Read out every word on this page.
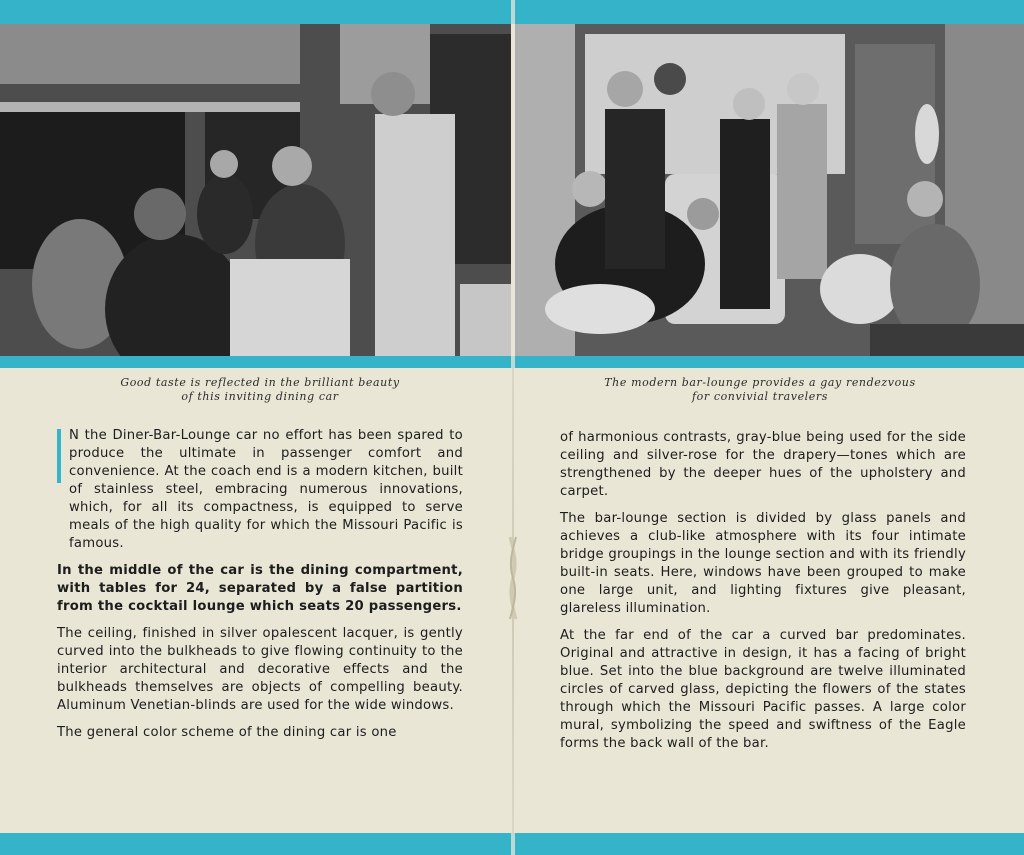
Good taste is reflected in the brilliant beauty
of this inviting dining car
The modern bar-lounge provides a gay rendezvous
for convivial travelers

N the Diner-Bar-Lounge car no effort has been spared to produce the ultimate in passenger comfort and convenience. At the coach end is a modern kitchen, built of stainless steel, embracing numerous innovations, which, for all its compactness, is equipped to serve meals of the high quality for which the Missouri Pacific is famous.

In the middle of the car is the dining compartment, with tables for 24, separated by a false partition from the cocktail lounge which seats 20 passengers.

The ceiling, finished in silver opalescent lacquer, is gently curved into the bulkheads to give flowing continuity to the interior architectural and decorative effects and the bulkheads themselves are objects of compelling beauty. Aluminum Venetian-blinds are used for the wide windows.

The general color scheme of the dining car is one

of harmonious contrasts, gray-blue being used for the side ceiling and silver-rose for the drapery—tones which are strengthened by the deeper hues of the upholstery and carpet.

The bar-lounge section is divided by glass panels and achieves a club-like atmosphere with its four intimate bridge groupings in the lounge section and with its friendly built-in seats. Here, windows have been grouped to make one large unit, and lighting fixtures give pleasant, glareless illumination.

At the far end of the car a curved bar predominates. Original and attractive in design, it has a facing of bright blue. Set into the blue background are twelve illuminated circles of carved glass, depicting the flowers of the states through which the Missouri Pacific passes. A large color mural, symbolizing the speed and swiftness of the Eagle forms the back wall of the bar.
